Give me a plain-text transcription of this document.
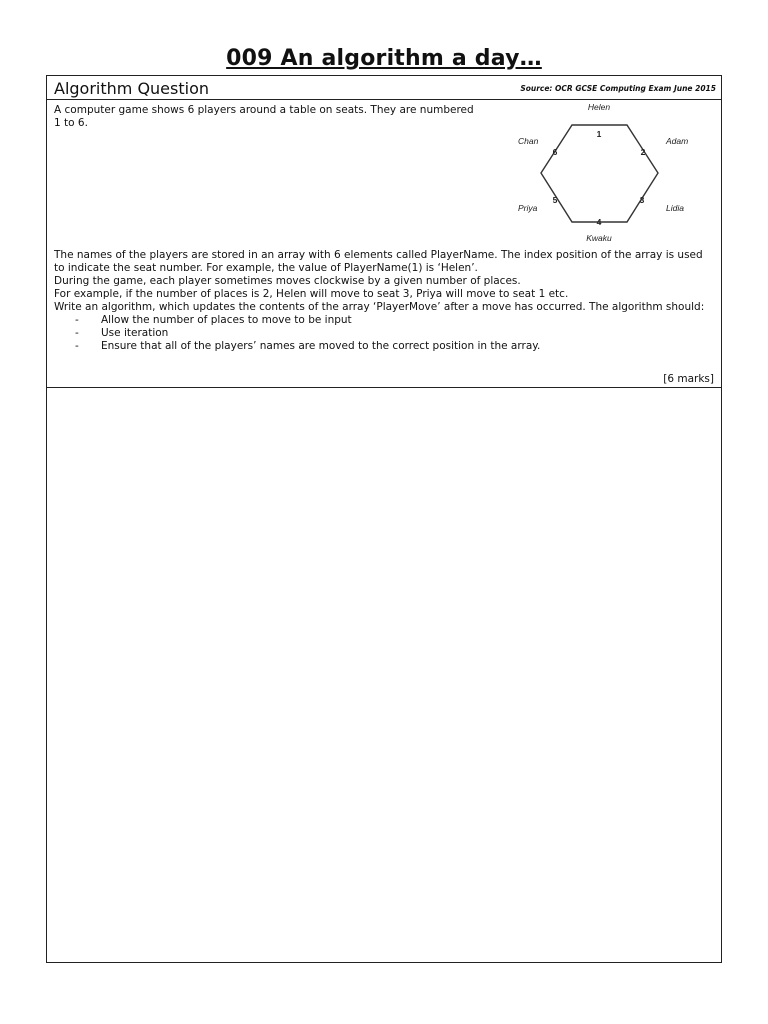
009 An algorithm a day…
Algorithm Question	Source: OCR GCSE Computing Exam June 2015
A computer game shows 6 players around a table on seats. They are numbered 1 to 6.
Helen
1
Adam
2
Lidia
3
Kwaku
4
Priya
5
Chan
6

The names of the players are stored in an array with 6 elements called PlayerName. The index position of the array is used to indicate the seat number. For example, the value of PlayerName(1) is ‘Helen’.

During the game, each player sometimes moves clockwise by a given number of places.

For example, if the number of places is 2, Helen will move to seat 3, Priya will move to seat 1 etc.

Write an algorithm, which updates the contents of the array ‘PlayerMove’ after a move has occurred. The algorithm should:

- Allow the number of places to move to be input
- Use iteration
- Ensure that all of the players’ names are moved to the correct position in the array.
[6 marks]
